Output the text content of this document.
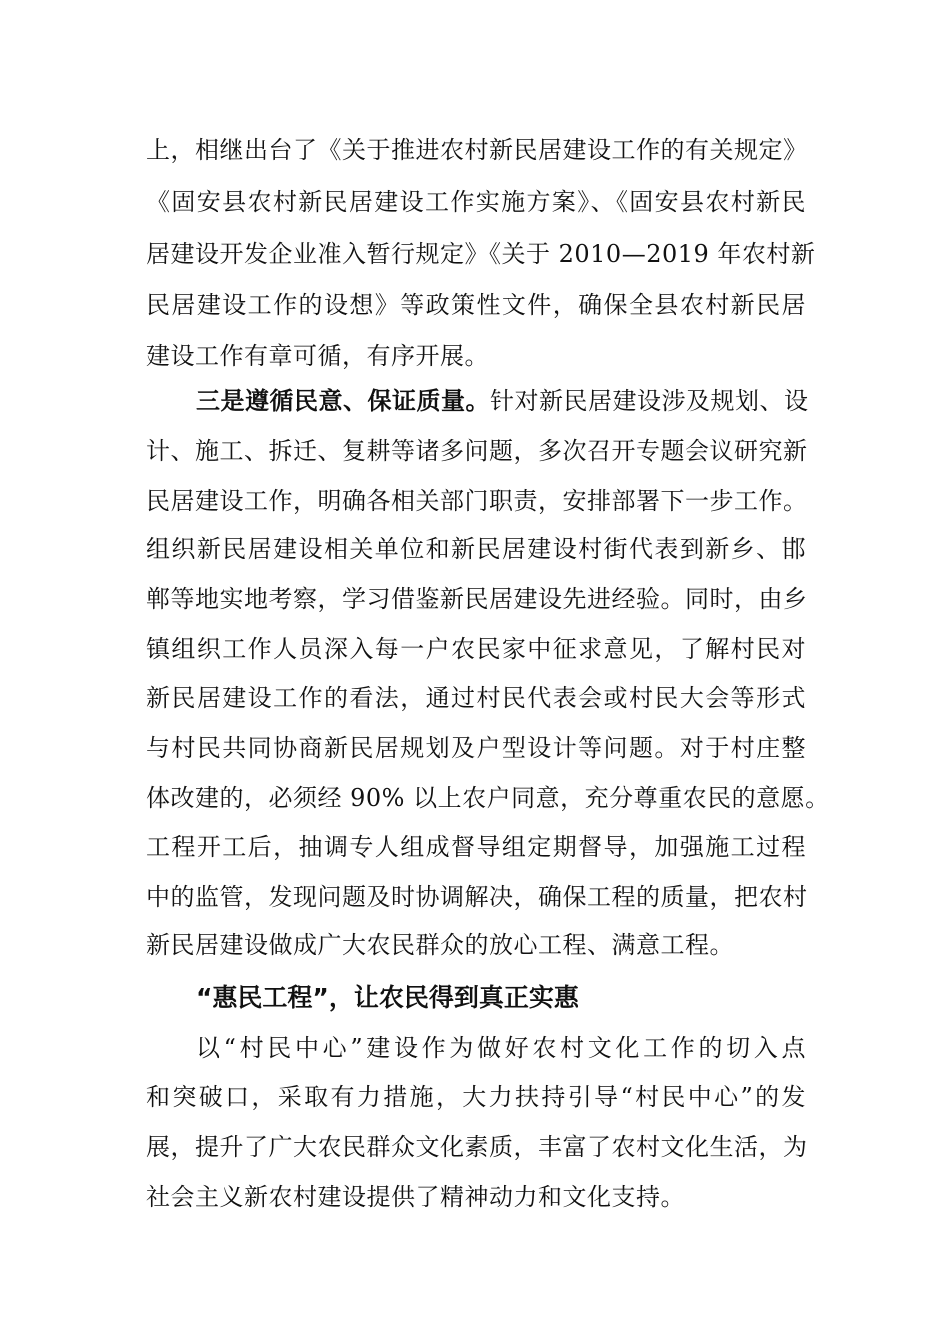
上，相继出台了《关于推进农村新民居建设工作的有关规定》
《固安县农村新民居建设工作实施方案》、《固安县农村新民
居建设开发企业准入暂行规定》《关于 2010—2019 年农村新
民居建设工作的设想》等政策性文件，确保全县农村新民居
建设工作有章可循，有序开展。
三是遵循民意、保证质量。针对新民居建设涉及规划、设
计、施工、拆迁、复耕等诸多问题，多次召开专题会议研究新
民居建设工作，明确各相关部门职责，安排部署下一步工作。
组织新民居建设相关单位和新民居建设村街代表到新乡、邯
郸等地实地考察，学习借鉴新民居建设先进经验。同时，由乡
镇组织工作人员深入每一户农民家中征求意见，了解村民对
新民居建设工作的看法，通过村民代表会或村民大会等形式
与村民共同协商新民居规划及户型设计等问题。对于村庄整
体改建的，必须经 90% 以上农户同意，充分尊重农民的意愿。
工程开工后，抽调专人组成督导组定期督导，加强施工过程
中的监管，发现问题及时协调解决，确保工程的质量，把农村
新民居建设做成广大农民群众的放心工程、满意工程。
“惠民工程”，让农民得到真正实惠
以“村民中心”建设作为做好农村文化工作的切入点
和突破口，采取有力措施，大力扶持引导“村民中心”的发
展，提升了广大农民群众文化素质，丰富了农村文化生活，为
社会主义新农村建设提供了精神动力和文化支持。
